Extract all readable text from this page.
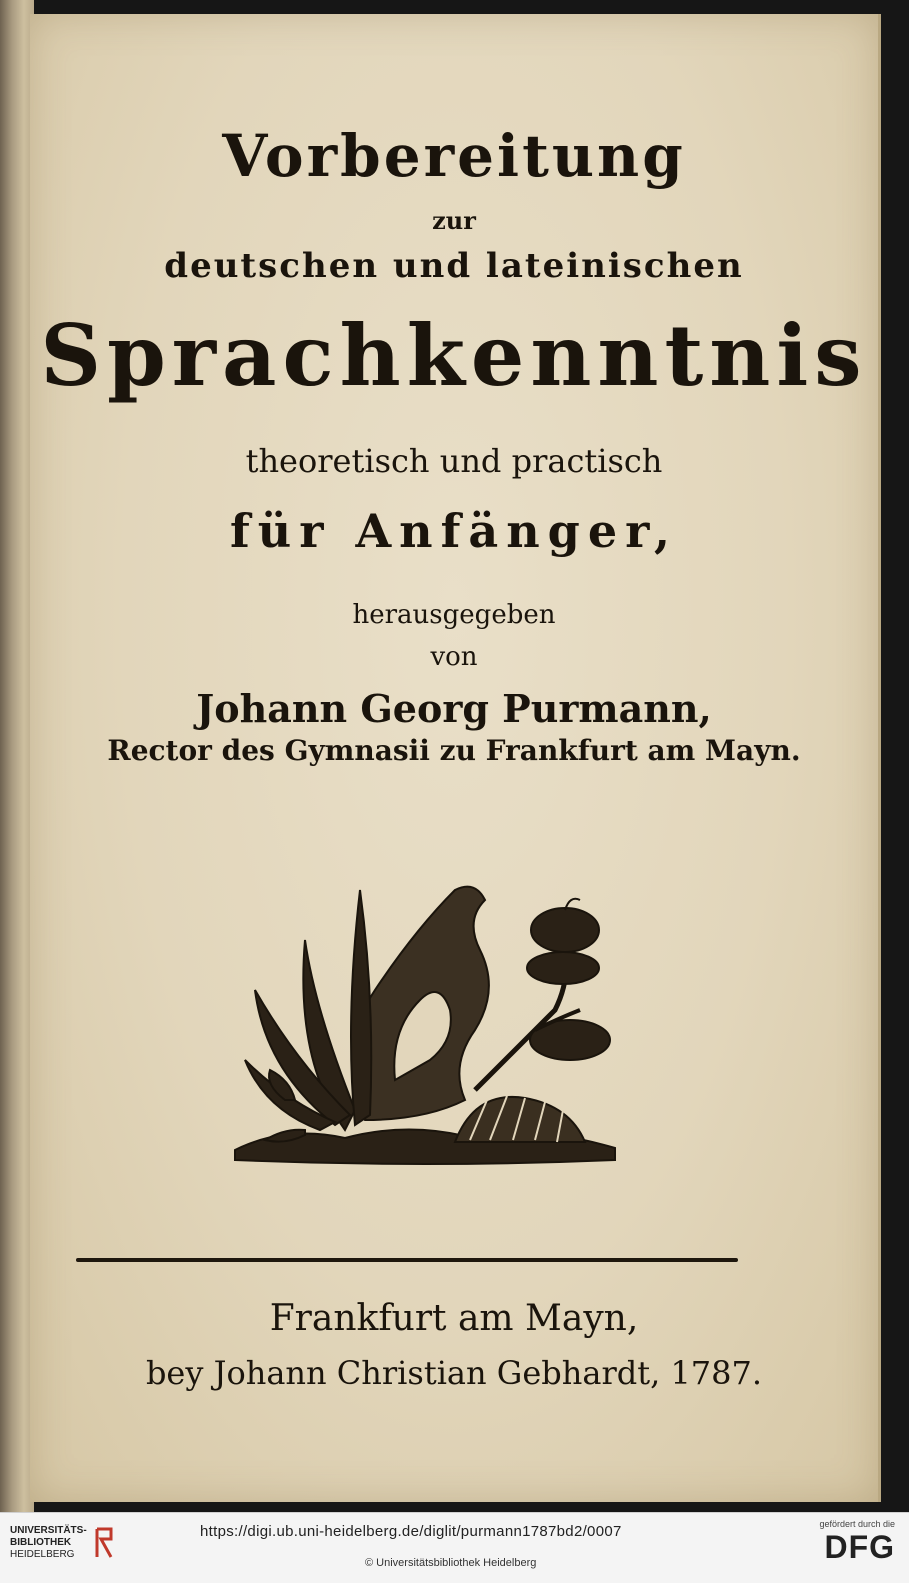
Vorbereitung
zur
deutschen und lateinischen
Sprachkenntnis
theoretisch und practisch
für Anfänger,
herausgegeben
von
Johann Georg Purmann,
Rector des Gymnasii zu Frankfurt am Mayn.
Frankfurt am Mayn,
bey Johann Christian Gebhardt, 1787.
UNIVERSITÄTS-
BIBLIOTHEK
HEIDELBERG
https://digi.ub.uni-heidelberg.de/diglit/purmann1787bd2/0007
© Universitätsbibliothek Heidelberg
gefördert durch die
DFG
